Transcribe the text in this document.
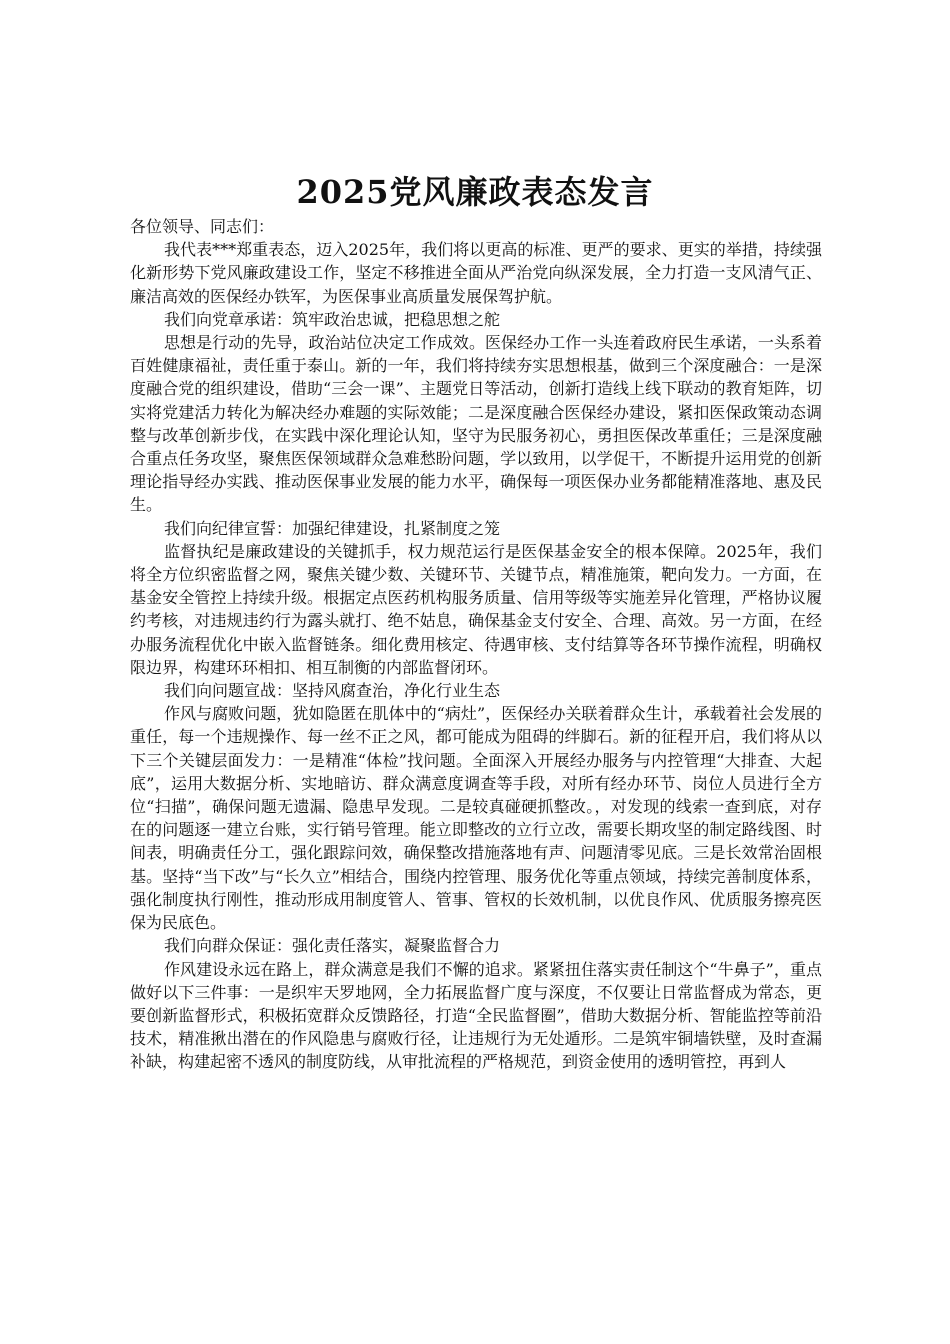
2025党风廉政表态发言

各位领导、同志们：

我代表***郑重表态，迈入2025年，我们将以更高的标准、更严的要求、更实的举措，持续强化新形势下党风廉政建设工作，坚定不移推进全面从严治党向纵深发展，全力打造一支风清气正、廉洁高效的医保经办铁军，为医保事业高质量发展保驾护航。

我们向党章承诺：筑牢政治忠诚，把稳思想之舵

思想是行动的先导，政治站位决定工作成效。医保经办工作一头连着政府民生承诺，一头系着百姓健康福祉，责任重于泰山。新的一年，我们将持续夯实思想根基，做到三个深度融合：一是深度融合党的组织建设，借助“三会一课”、主题党日等活动，创新打造线上线下联动的教育矩阵，切实将党建活力转化为解决经办难题的实际效能；二是深度融合医保经办建设，紧扣医保政策动态调整与改革创新步伐，在实践中深化理论认知，坚守为民服务初心，勇担医保改革重任；三是深度融合重点任务攻坚，聚焦医保领域群众急难愁盼问题，学以致用，以学促干，不断提升运用党的创新理论指导经办实践、推动医保事业发展的能力水平，确保每一项医保办业务都能精准落地、惠及民生。

我们向纪律宣誓：加强纪律建设，扎紧制度之笼

监督执纪是廉政建设的关键抓手，权力规范运行是医保基金安全的根本保障。2025年，我们将全方位织密监督之网，聚焦关键少数、关键环节、关键节点，精准施策，靶向发力。一方面，在基金安全管控上持续升级。根据定点医药机构服务质量、信用等级等实施差异化管理，严格协议履约考核，对违规违约行为露头就打、绝不姑息，确保基金支付安全、合理、高效。另一方面，在经办服务流程优化中嵌入监督链条。细化费用核定、待遇审核、支付结算等各环节操作流程，明确权限边界，构建环环相扣、相互制衡的内部监督闭环。

我们向问题宣战：坚持风腐查治，净化行业生态

作风与腐败问题，犹如隐匿在肌体中的“病灶”，医保经办关联着群众生计，承载着社会发展的重任，每一个违规操作、每一丝不正之风，都可能成为阻碍的绊脚石。新的征程开启，我们将从以下三个关键层面发力：一是精准“体检”找问题。全面深入开展经办服务与内控管理“大排查、大起底”，运用大数据分析、实地暗访、群众满意度调查等手段，对所有经办环节、岗位人员进行全方位“扫描”，确保问题无遗漏、隐患早发现。二是较真碰硬抓整改。，对发现的线索一查到底，对存在的问题逐一建立台账，实行销号管理。能立即整改的立行立改，需要长期攻坚的制定路线图、时间表，明确责任分工，强化跟踪问效，确保整改措施落地有声、问题清零见底。三是长效常治固根基。坚持“当下改”与“长久立”相结合，围绕内控管理、服务优化等重点领域，持续完善制度体系，强化制度执行刚性，推动形成用制度管人、管事、管权的长效机制，以优良作风、优质服务擦亮医保为民底色。

我们向群众保证：强化责任落实，凝聚监督合力

作风建设永远在路上，群众满意是我们不懈的追求。紧紧扭住落实责任制这个“牛鼻子”，重点做好以下三件事：一是织牢天罗地网，全力拓展监督广度与深度，不仅要让日常监督成为常态，更要创新监督形式，积极拓宽群众反馈路径，打造“全民监督圈”，借助大数据分析、智能监控等前沿技术，精准揪出潜在的作风隐患与腐败行径，让违规行为无处遁形。二是筑牢铜墙铁壁，及时查漏补缺，构建起密不透风的制度防线，从审批流程的严格规范，到资金使用的透明管控，再到人
